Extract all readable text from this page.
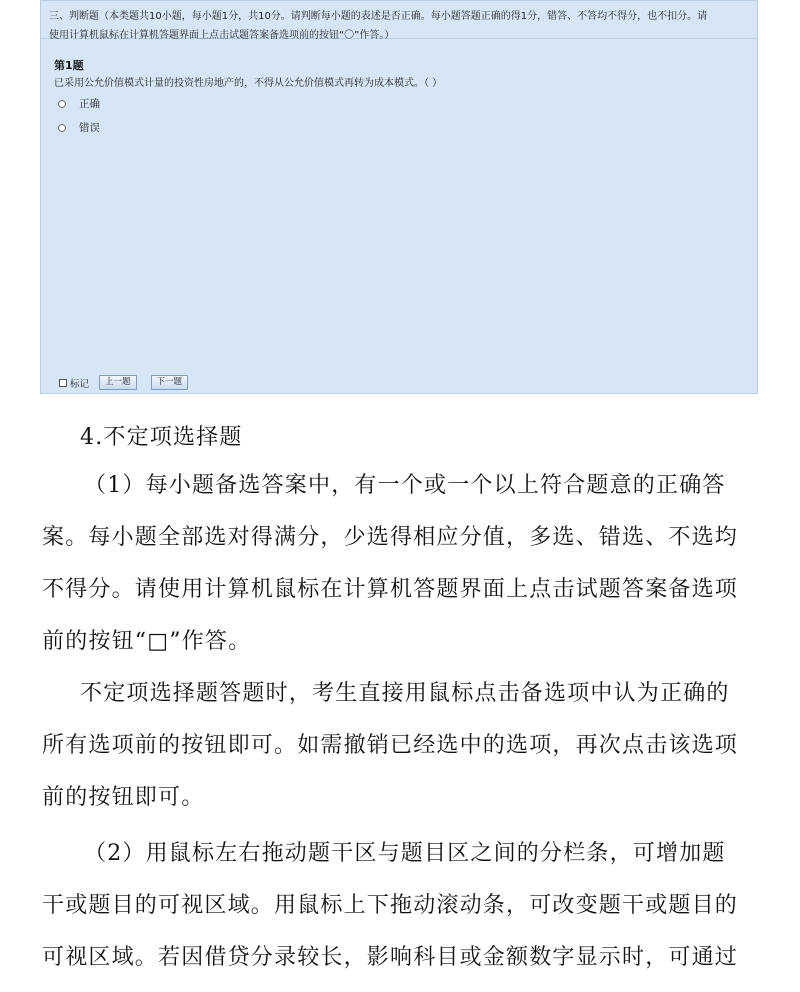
三、判断题（本类题共10小题，每小题1分，共10分。请判断每小题的表述是否正确。每小题答题正确的得1分，错答、不答均不得分，也不扣分。请
使用计算机鼠标在计算机答题界面上点击试题答案备选项前的按钮“〇”作答。）

第1题
已采用公允价值模式计量的投资性房地产的，不得从公允价值模式再转为成本模式。（ ）
正确
错误
标记	上一题	下一题
4.不定项选择题
（1）每小题备选答案中，有一个或一个以上符合题意的正确答
案。每小题全部选对得满分，少选得相应分值，多选、错选、不选均
不得分。请使用计算机鼠标在计算机答题界面上点击试题答案备选项
前的按钮“□”作答。
不定项选择题答题时，考生直接用鼠标点击备选项中认为正确的
所有选项前的按钮即可。如需撤销已经选中的选项，再次点击该选项
前的按钮即可。
（2）用鼠标左右拖动题干区与题目区之间的分栏条，可增加题
干或题目的可视区域。用鼠标上下拖动滚动条，可改变题干或题目的
可视区域。若因借贷分录较长，影响科目或金额数字显示时，可通过
